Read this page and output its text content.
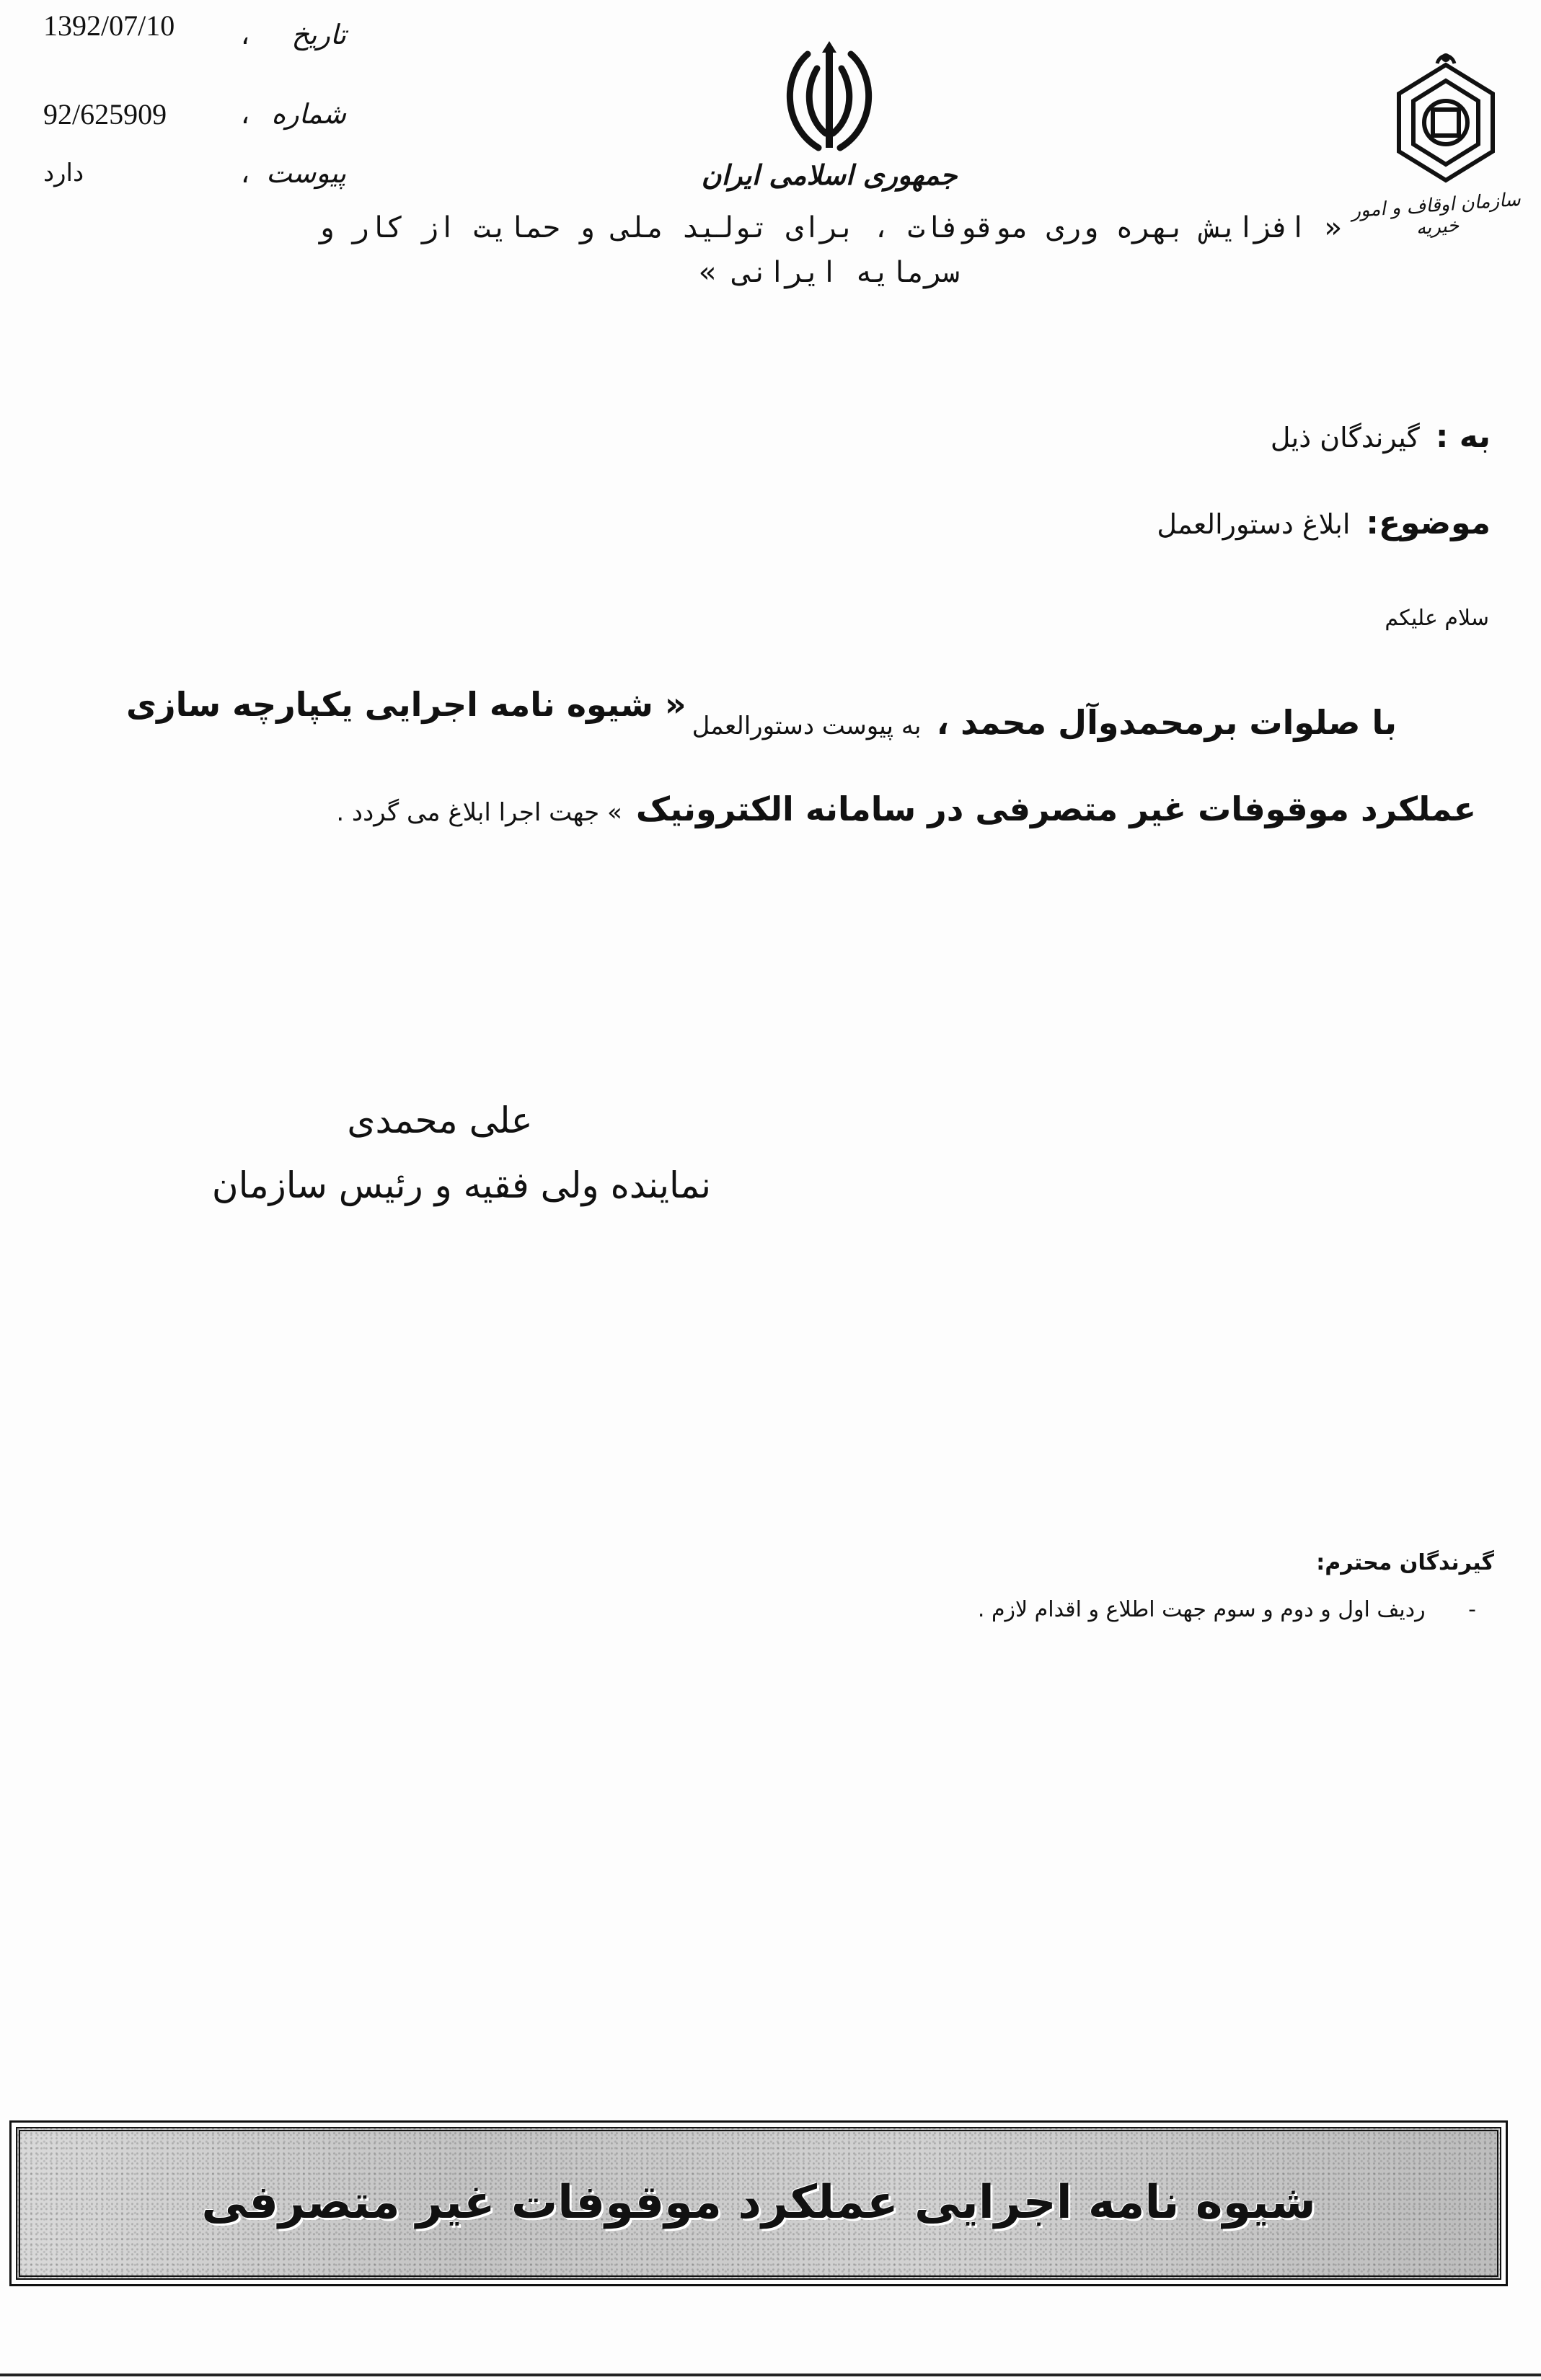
تاریخ
،
1392/07/10
شماره
،
92/625909
پیوست
،
دارد	جمهوری اسلامی ایران
سازمان اوقاف و امور خیریه
« افزایش بهره وری موقوفات ، برای تولید ملی و حمایت از کار و
سرمایه ایرانی »
به :
گیرندگان ذیل
موضوع:
ابلاغ دستورالعمل
سلام علیکم
با صلوات برمحمدوآل محمد ، به پیوست دستورالعمل
« شیوه نامه اجرایی یکپارچه سازی
عملکرد موقوفات غیر متصرفی در سامانه الکترونیک » جهت اجرا ابلاغ می گردد .
علی محمدی
نماینده ولی فقیه و رئیس سازمان
گیرندگان محترم:
- ردیف اول و دوم و سوم جهت اطلاع و اقدام لازم .
شیوه نامه اجرایی عملکرد موقوفات غیر متصرفی
